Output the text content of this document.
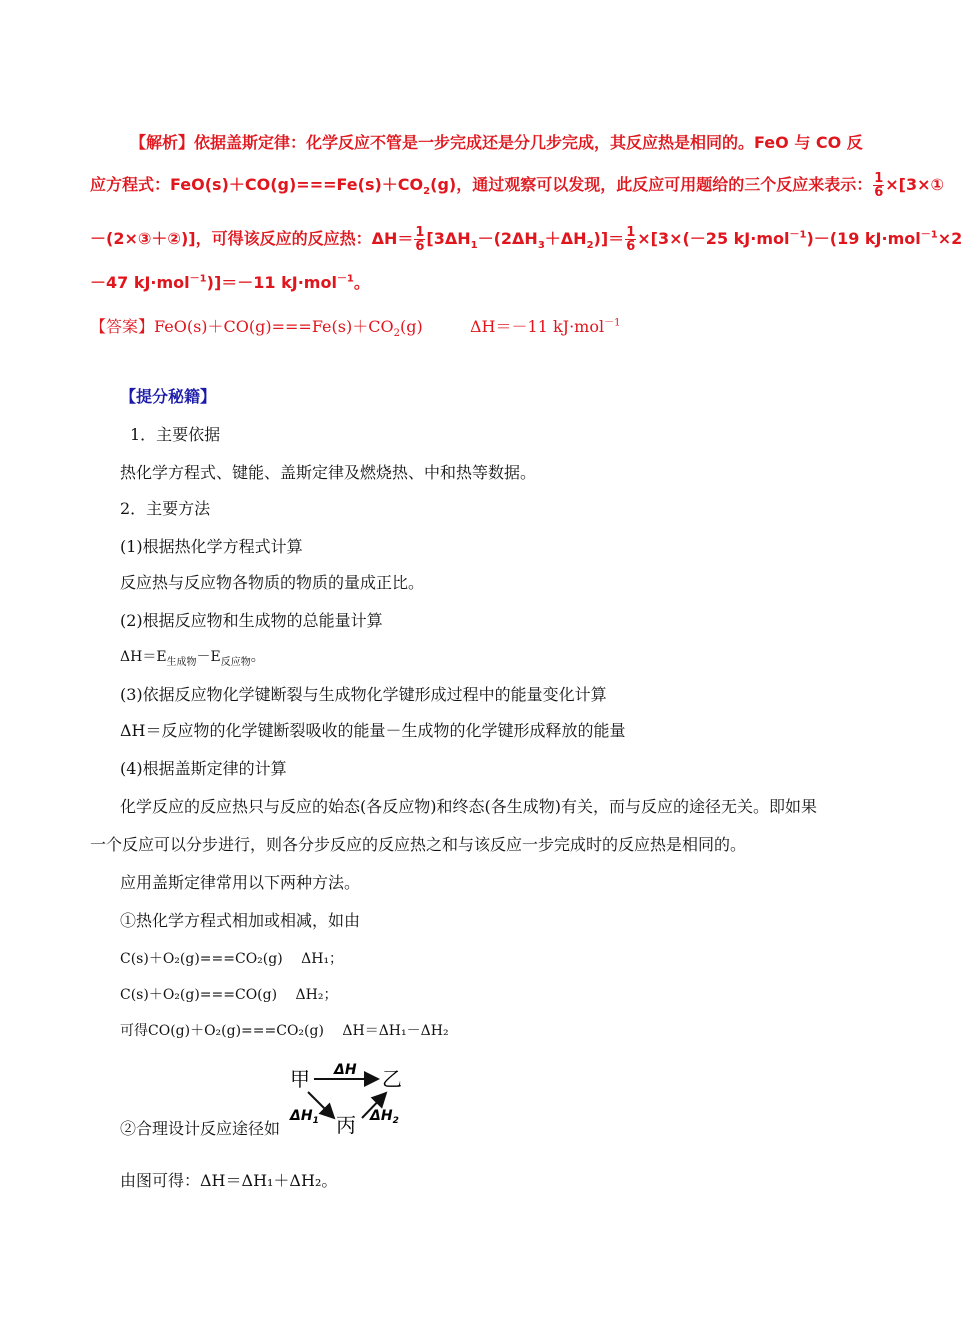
【解析】依据盖斯定律：化学反应不管是一步完成还是分几步完成，其反应热是相同的。FeO 与 CO 反
应方程式：$FeO(s)+CO(g)===Fe(s)+CO_2(g)$，通过观察可以发现，此反应可用题给的三个反应来表示： $\frac{1}{6}$ ×[3×①
－(2×③＋②)]，可得该反应的反应热：$\Delta H= \frac{1}{6} [3\Delta H_1-(2\Delta H_3+\Delta H_2)]= \frac{1}{6} \times[3\times(-25$ kJ·mol$^{-1}$)－(19 kJ·mol$^{-1}$×2
－47 kJ·mol$^{-1}$)]＝－11 kJ·mol$^{-1}$。
【答案】$FeO(s)+CO(g)===Fe(s)+CO_2(g)$	ΔH＝－11 kJ·mol$^{-1}$
【提分秘籍】
1．主要依据
热化学方程式、键能、盖斯定律及燃烧热、中和热等数据。
2．主要方法
(1)根据热化学方程式计算
反应热与反应物各物质的物质的量成正比。
(2)根据反应物和生成物的总能量计算
$\Delta H=E_{生成物}-E_{反应物}$。
(3)依据反应物化学键断裂与生成物化学键形成过程中的能量变化计算
ΔH＝反应物的化学键断裂吸收的能量－生成物的化学键形成释放的能量
(4)根据盖斯定律的计算
化学反应的反应热只与反应的始态(各反应物)和终态(各生成物)有关，而与反应的途径无关。即如果
一个反应可以分步进行，则各分步反应的反应热之和与该反应一步完成时的反应热是相同的。
应用盖斯定律常用以下两种方法。
①热化学方程式相加或相减，如由
C(s)＋O₂(g)===CO₂(g)　 ΔH₁；
C(s)＋O₂(g)===CO(g)　 ΔH₂；
可得CO(g)＋O₂(g)===CO₂(g)　 ΔH＝ΔH₁－ΔH₂
②合理设计反应途径如
甲	乙
丙
ΔH
$\Delta H_1$	$\Delta H_2$
由图可得：ΔH＝ΔH₁＋ΔH₂。
